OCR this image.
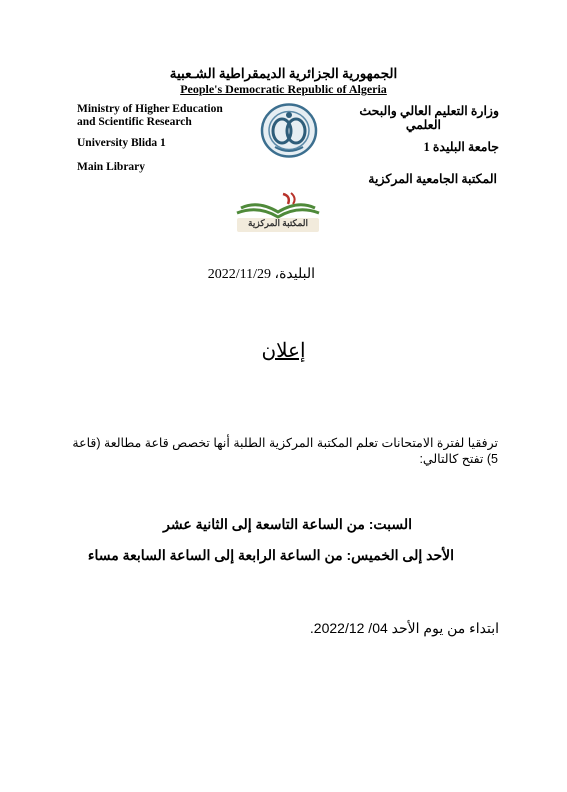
الجمهورية الجزائرية الديمقراطية الشـعبية
People's Democratic Republic of Algeria
Ministry of Higher Education
and Scientific Research
University Blida 1
Main Library
وزارة التعليم العالي والبحث
العلمي
جامعة البليدة 1
المكتبة الجامعية المركزية
المكتبة المركزية
البليدة، 2022/11/29
إعلان
ترفقيا لفترة الامتحانات تعلم المكتبة المركزية الطلبة أنها تخصص قاعة مطالعة (قاعة 5) تفتح كالتالي:
السبت: من الساعة التاسعة إلى الثانية عشر
الأحد إلى الخميس: من الساعة الرابعة إلى الساعة السابعة مساء
ابتداء من يوم الأحد 04/ 2022/12.
